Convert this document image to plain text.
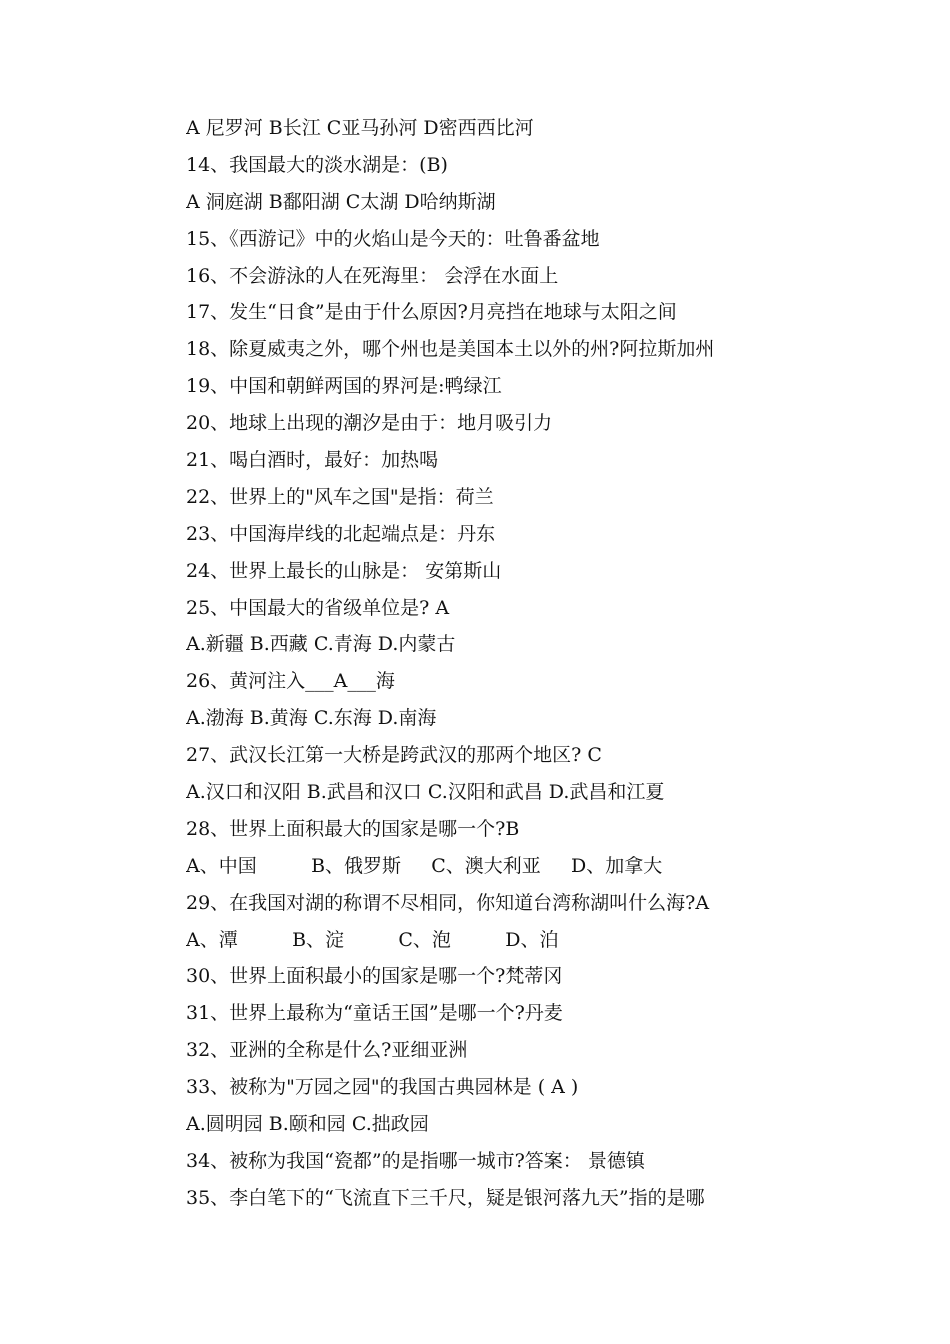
A 尼罗河 B长江 C亚马孙河 D密西西比河
14、我国最大的淡水湖是：(B)
A 洞庭湖 B鄱阳湖 C太湖 D哈纳斯湖
15、《西游记》中的火焰山是今天的：吐鲁番盆地
16、不会游泳的人在死海里： 会浮在水面上
17、发生“日食”是由于什么原因?月亮挡在地球与太阳之间
18、除夏威夷之外，哪个州也是美国本土以外的州?阿拉斯加州
19、中国和朝鲜两国的界河是:鸭绿江
20、地球上出现的潮汐是由于：地月吸引力
21、喝白酒时，最好：加热喝
22、世界上的"风车之国"是指：荷兰
23、中国海岸线的北起端点是：丹东
24、世界上最长的山脉是： 安第斯山
25、中国最大的省级单位是? A
A.新疆 B.西藏 C.青海 D.内蒙古
26、黄河注入___A___海
A.渤海 B.黄海 C.东海 D.南海
27、武汉长江第一大桥是跨武汉的那两个地区? C
A.汉口和汉阳 B.武昌和汉口 C.汉阳和武昌 D.武昌和江夏
28、世界上面积最大的国家是哪一个?B
A、中国         B、俄罗斯     C、澳大利亚     D、加拿大
29、在我国对湖的称谓不尽相同，你知道台湾称湖叫什么海?A
A、潭         B、淀         C、泡         D、泊
30、世界上面积最小的国家是哪一个?梵蒂冈
31、世界上最称为“童话王国”是哪一个?丹麦
32、亚洲的全称是什么?亚细亚洲
33、被称为"万园之园"的我国古典园林是 ( A )
A.圆明园 B.颐和园 C.拙政园
34、被称为我国“瓷都”的是指哪一城市?答案： 景德镇
35、李白笔下的“飞流直下三千尺，疑是银河落九天”指的是哪
